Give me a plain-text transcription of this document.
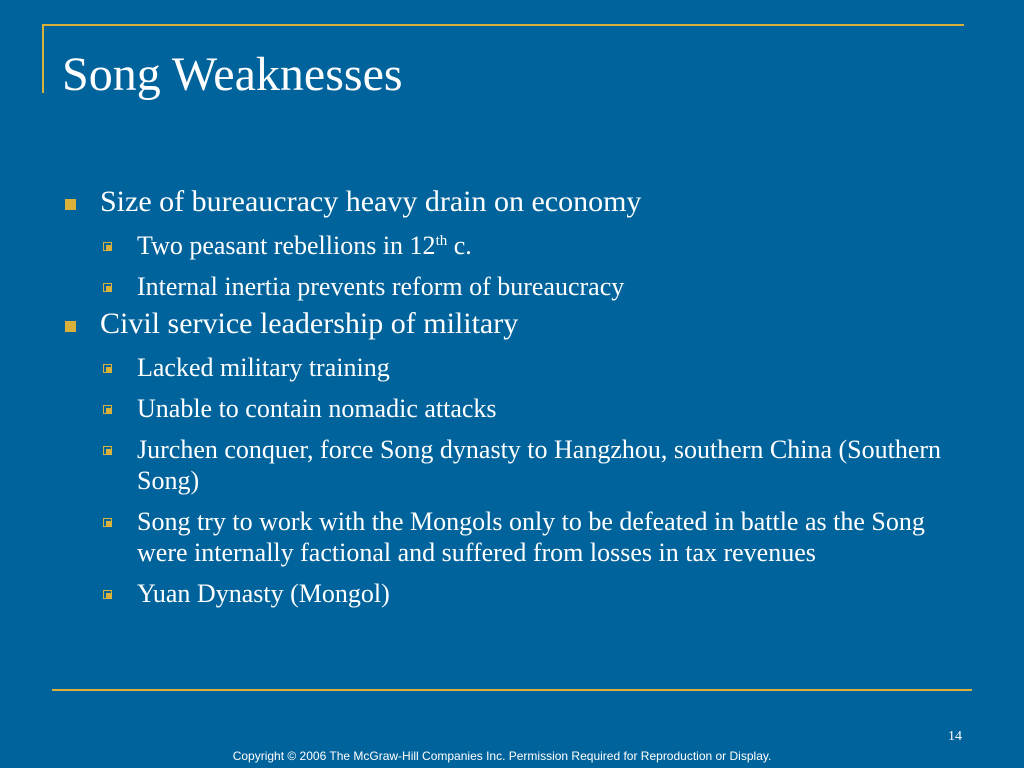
Song Weaknesses
Size of bureaucracy heavy drain on economy
Two peasant rebellions in 12th c.
Internal inertia prevents reform of bureaucracy
Civil service leadership of military
Lacked military training
Unable to contain nomadic attacks
Jurchen conquer, force Song dynasty to Hangzhou, southern China (Southern Song)
Song try to work with the Mongols only to be defeated in battle as the Song were internally factional and suffered from losses in tax revenues
Yuan Dynasty (Mongol)
14
Copyright © 2006 The McGraw-Hill Companies Inc. Permission Required for Reproduction or Display.
